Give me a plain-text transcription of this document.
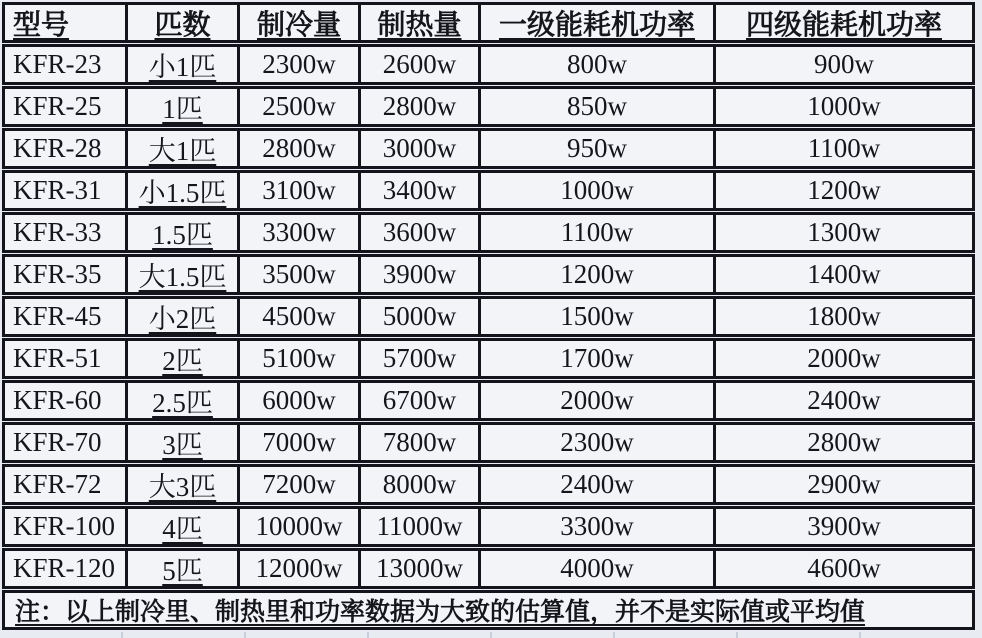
型号	匹数	制冷量	制热量	一级能耗机功率	四级能耗机功率
KFR-23	小1匹	2300w	2600w	800w	900w
KFR-25	1匹	2500w	2800w	850w	1000w
KFR-28	大1匹	2800w	3000w	950w	1100w
KFR-31	小1.5匹	3100w	3400w	1000w	1200w
KFR-33	1.5匹	3300w	3600w	1100w	1300w
KFR-35	大1.5匹	3500w	3900w	1200w	1400w
KFR-45	小2匹	4500w	5000w	1500w	1800w
KFR-51	2匹	5100w	5700w	1700w	2000w
KFR-60	2.5匹	6000w	6700w	2000w	2400w
KFR-70	3匹	7000w	7800w	2300w	2800w
KFR-72	大3匹	7200w	8000w	2400w	2900w
KFR-100	4匹	10000w	11000w	3300w	3900w
KFR-120	5匹	12000w	13000w	4000w	4600w
注：以上制冷里、制热里和功率数据为大致的估算值，并不是实际值或平均值
